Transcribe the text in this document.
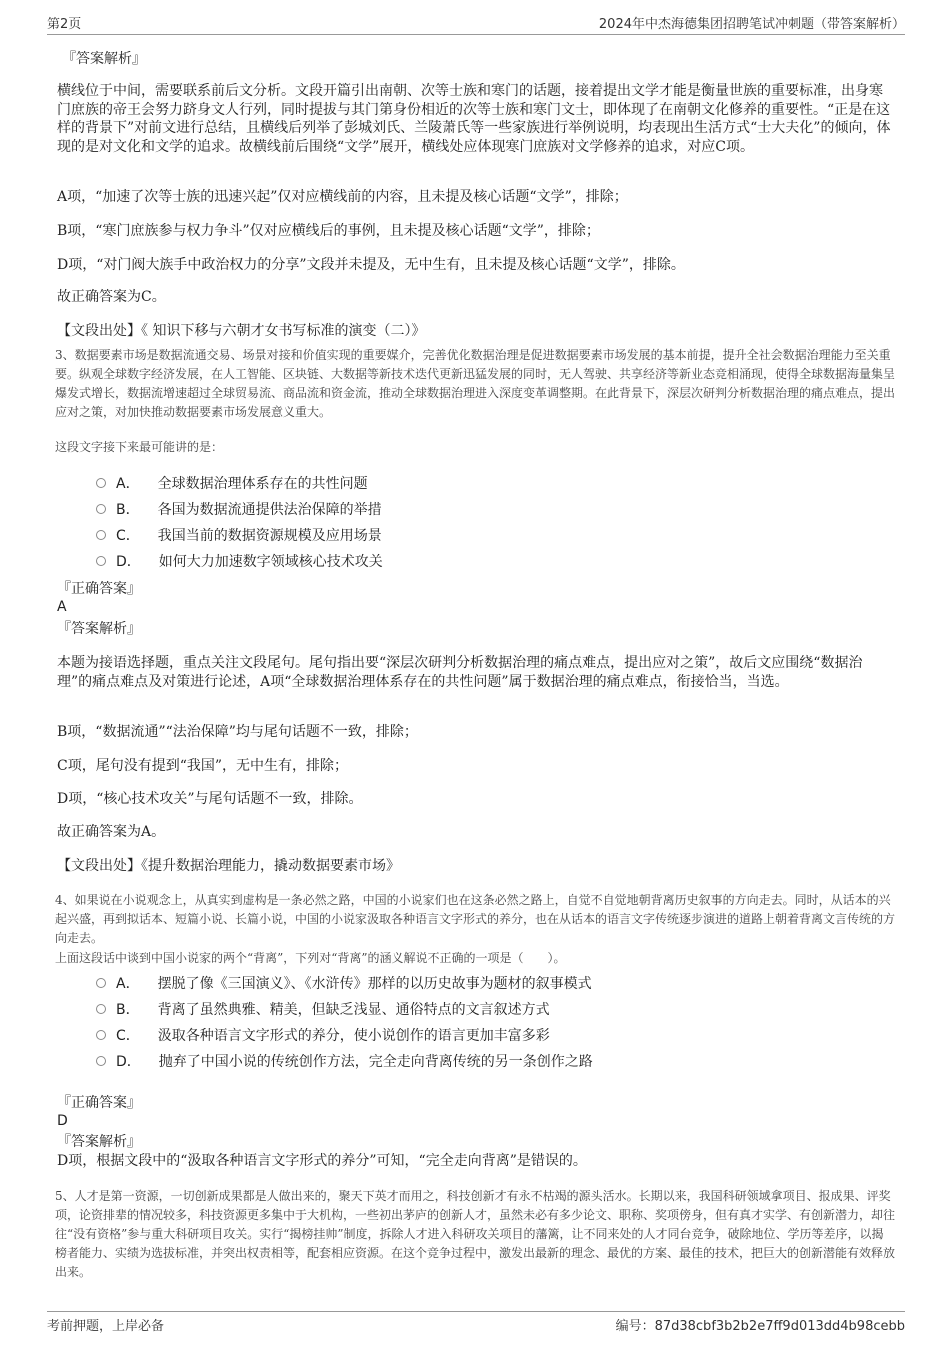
第2页	2024年中杰海德集团招聘笔试冲刺题（带答案解析）
『答案解析』
横线位于中间，需要联系前后文分析。文段开篇引出南朝、次等士族和寒门的话题，接着提出文学才能是衡量世族的重要标准，出身寒门庶族的帝王会努力跻身文人行列，同时提拔与其门第身份相近的次等士族和寒门文士，即体现了在南朝文化修养的重要性。“正是在这样的背景下”对前文进行总结，且横线后列举了彭城刘氏、兰陵萧氏等一些家族进行举例说明，均表现出生活方式“士大夫化”的倾向，体现的是对文化和文学的追求。故横线前后围绕“文学”展开，横线处应体现寒门庶族对文学修养的追求，对应C项。
A项，“加速了次等士族的迅速兴起”仅对应横线前的内容，且未提及核心话题“文学”，排除；
B项，“寒门庶族参与权力争斗”仅对应横线后的事例，且未提及核心话题“文学”，排除；
D项，“对门阀大族手中政治权力的分享”文段并未提及，无中生有，且未提及核心话题“文学”，排除。
故正确答案为C。
【文段出处】《 知识下移与六朝才女书写标准的演变（二）》
3、数据要素市场是数据流通交易、场景对接和价值实现的重要媒介，完善优化数据治理是促进数据要素市场发展的基本前提，提升全社会数据治理能力至关重要。纵观全球数字经济发展，在人工智能、区块链、大数据等新技术迭代更新迅猛发展的同时，无人驾驶、共享经济等新业态竞相涌现，使得全球数据海量集呈爆发式增长，数据流增速超过全球贸易流、商品流和资金流，推动全球数据治理进入深度变革调整期。在此背景下，深层次研判分析数据治理的痛点难点，提出应对之策，对加快推动数据要素市场发展意义重大。
这段文字接下来最可能讲的是：
A． 全球数据治理体系存在的共性问题
B． 各国为数据流通提供法治保障的举措
C． 我国当前的数据资源规模及应用场景
D． 如何大力加速数字领域核心技术攻关
『正确答案』
A
『答案解析』
本题为接语选择题，重点关注文段尾句。尾句指出要“深层次研判分析数据治理的痛点难点，提出应对之策”，故后文应围绕“数据治理”的痛点难点及对策进行论述，A项“全球数据治理体系存在的共性问题”属于数据治理的痛点难点，衔接恰当，当选。
B项，“数据流通”“法治保障”均与尾句话题不一致，排除；
C项，尾句没有提到“我国”，无中生有，排除；
D项，“核心技术攻关”与尾句话题不一致，排除。
故正确答案为A。
【文段出处】《提升数据治理能力，撬动数据要素市场》
4、如果说在小说观念上，从真实到虚构是一条必然之路，中国的小说家们也在这条必然之路上，自觉不自觉地朝背离历史叙事的方向走去。同时，从话本的兴起兴盛，再到拟话本、短篇小说、长篇小说，中国的小说家汲取各种语言文字形式的养分，也在从话本的语言文字传统逐步演进的道路上朝着背离文言传统的方向走去。
上面这段话中谈到中国小说家的两个“背离”，下列对“背离”的涵义解说不正确的一项是（　　）。
A． 摆脱了像《三国演义》、《水浒传》那样的以历史故事为题材的叙事模式
B． 背离了虽然典雅、精美，但缺乏浅显、通俗特点的文言叙述方式
C． 汲取各种语言文字形式的养分，使小说创作的语言更加丰富多彩
D． 抛弃了中国小说的传统创作方法，完全走向背离传统的另一条创作之路
『正确答案』
D
『答案解析』
D项，根据文段中的“汲取各种语言文字形式的养分”可知，“完全走向背离”是错误的。
5、人才是第一资源，一切创新成果都是人做出来的，聚天下英才而用之，科技创新才有永不枯竭的源头活水。长期以来，我国科研领域拿项目、报成果、评奖项，论资排辈的情况较多，科技资源更多集中于大机构，一些初出茅庐的创新人才，虽然未必有多少论文、职称、奖项傍身，但有真才实学、有创新潜力，却往往“没有资格”参与重大科研项目攻关。实行“揭榜挂帅”制度，拆除人才进入科研攻关项目的藩篱，让不同来处的人才同台竞争，破除地位、学历等差序，以揭榜者能力、实绩为选拔标准，并突出权责相等，配套相应资源。在这个竞争过程中，激发出最新的理念、最优的方案、最佳的技术，把巨大的创新潜能有效释放出来。
考前押题，上岸必备	编号：87d38cbf3b2b2e7ff9d013dd4b98cebb
